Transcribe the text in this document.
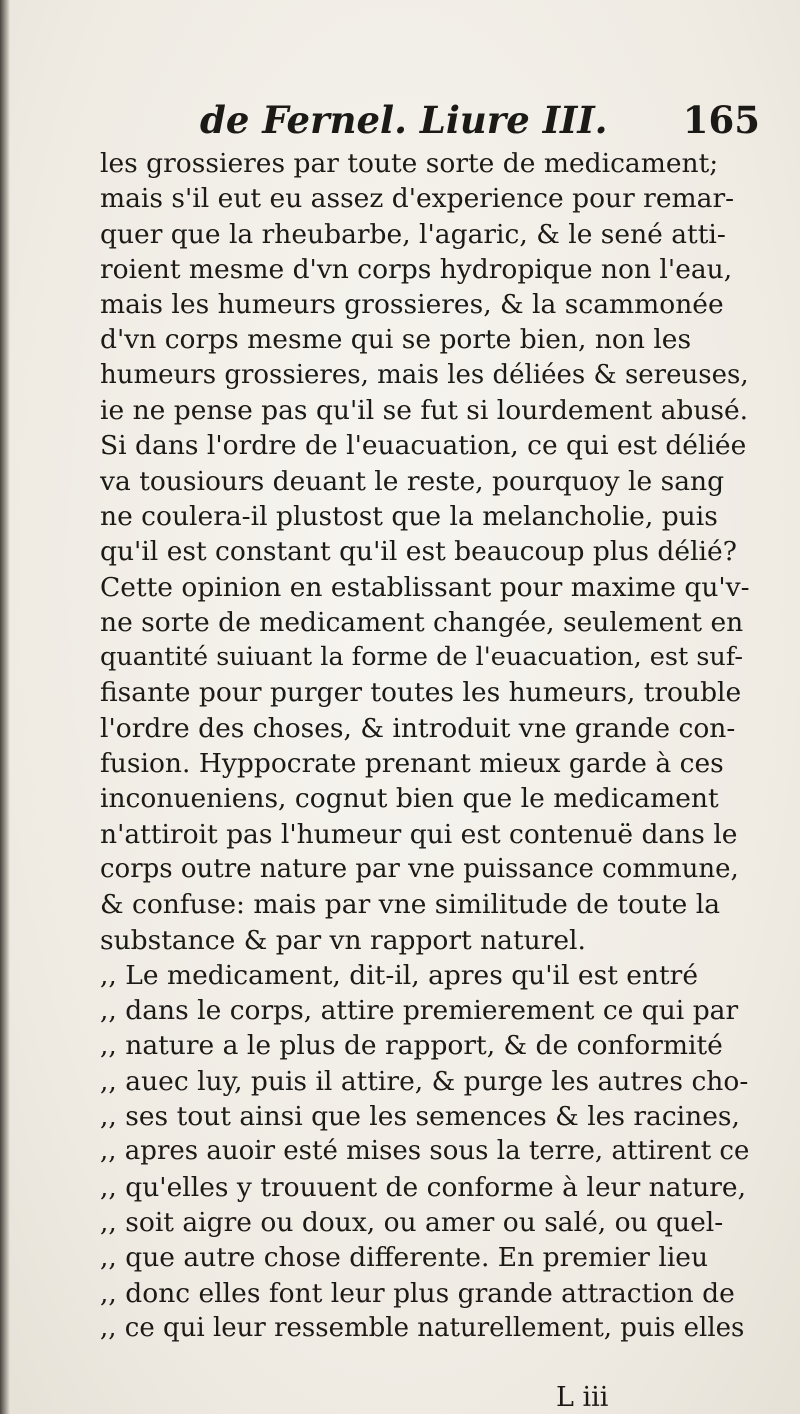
de Fernel. Liure III. 165
les grossieres par toute sorte de medicament;
mais s'il eut eu assez d'experience pour remar-
quer que la rheubarbe, l'agaric, & le sené atti-
roient mesme d'vn corps hydropique non l'eau,
mais les humeurs grossieres, & la scammonée
d'vn corps mesme qui se porte bien, non les
humeurs grossieres, mais les déliées & sereuses,
ie ne pense pas qu'il se fut si lourdement abusé.
Si dans l'ordre de l'euacuation, ce qui est déliée
va tousiours deuant le reste, pourquoy le sang
ne coulera-il plustost que la melancholie, puis
qu'il est constant qu'il est beaucoup plus délié?
Cette opinion en establissant pour maxime qu'v-
ne sorte de medicament changée, seulement en
quantité suiuant la forme de l'euacuation, est suf-
fisante pour purger toutes les humeurs, trouble
l'ordre des choses, & introduit vne grande con-
fusion. Hyppocrate prenant mieux garde à ces
inconueniens, cognut bien que le medicament
n'attiroit pas l'humeur qui est contenuë dans le
corps outre nature par vne puissance commune,
& confuse: mais par vne similitude de toute la
substance & par vn rapport naturel.
,, Le medicament, dit-il, apres qu'il est entré
,, dans le corps, attire premierement ce qui par
,, nature a le plus de rapport, & de conformité
,, auec luy, puis il attire, & purge les autres cho-
,, ses tout ainsi que les semences & les racines,
,, apres auoir esté mises sous la terre, attirent ce
,, qu'elles y trouuent de conforme à leur nature,
,, soit aigre ou doux, ou amer ou salé, ou quel-
,, que autre chose differente. En premier lieu
,, donc elles font leur plus grande attraction de
,, ce qui leur ressemble naturellement, puis elles
L iii
